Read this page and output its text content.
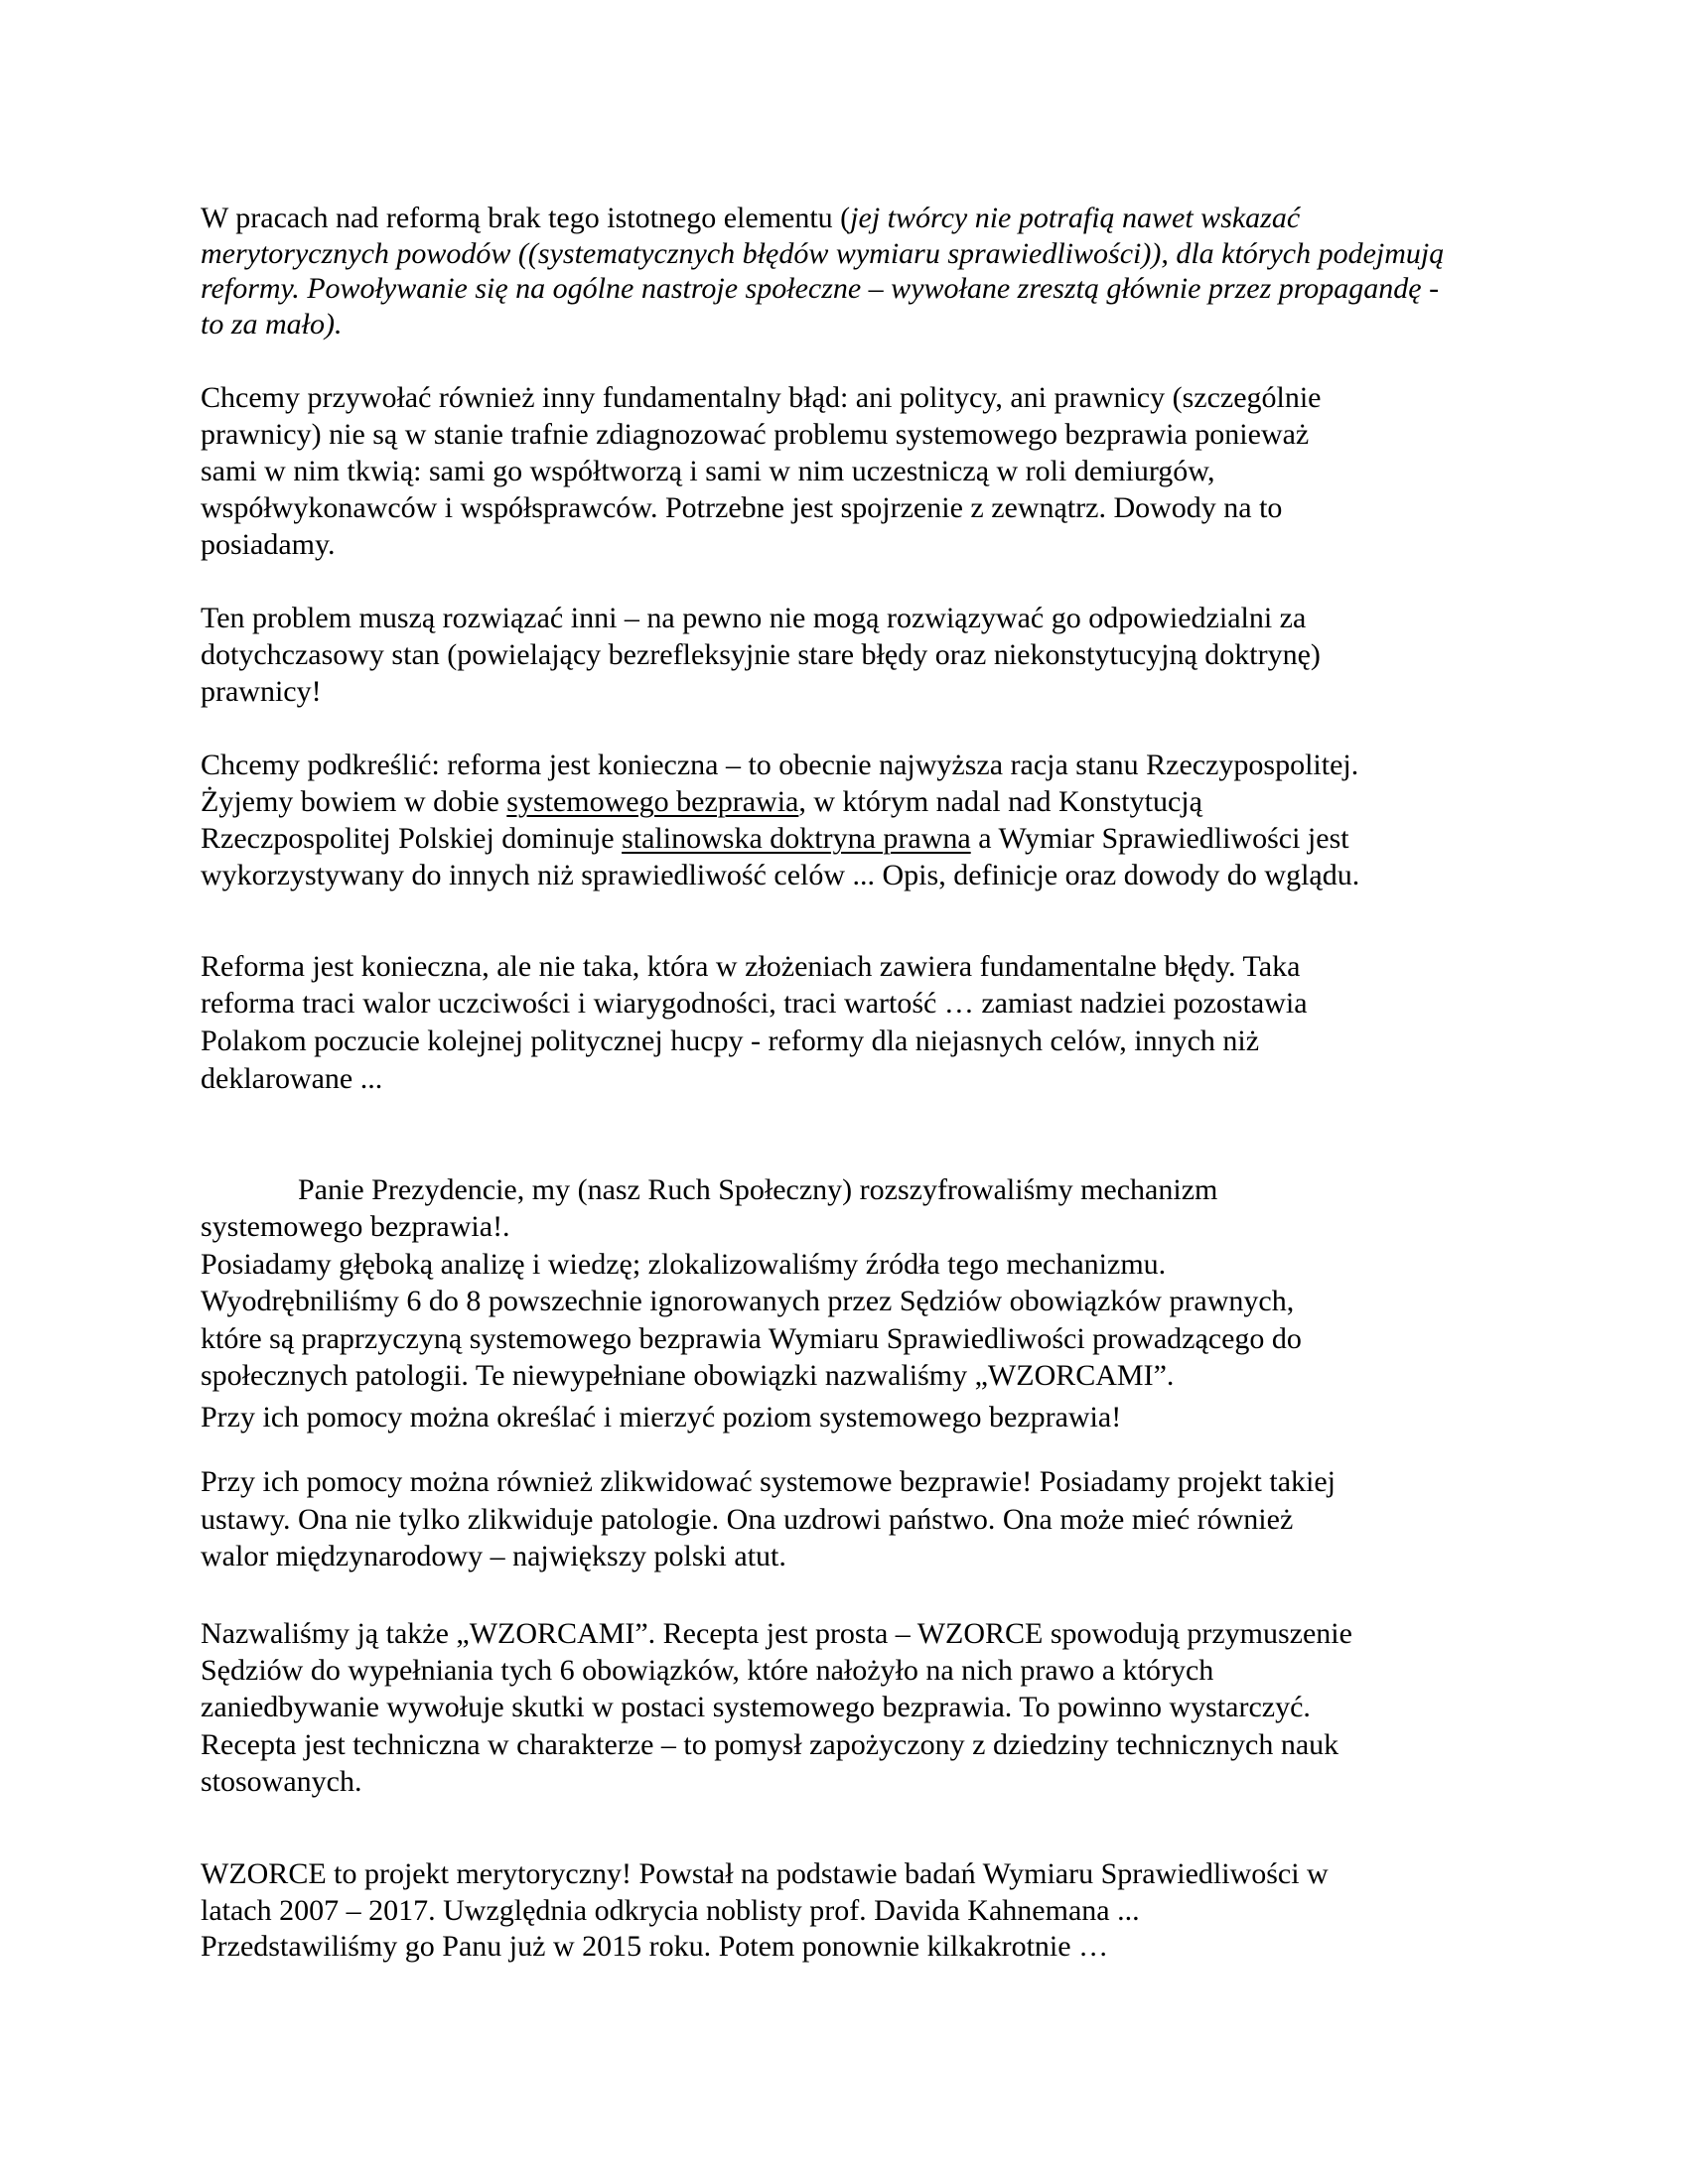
W pracach nad reformą brak tego istotnego elementu (jej twórcy nie potrafią nawet wskazać
merytorycznych powodów ((systematycznych błędów wymiaru sprawiedliwości)), dla których podejmują
reformy. Powoływanie się na ogólne nastroje społeczne – wywołane zresztą głównie przez propagandę -
to za mało).
Chcemy przywołać również inny fundamentalny błąd: ani politycy, ani prawnicy (szczególnie
prawnicy) nie są w stanie trafnie zdiagnozować problemu systemowego bezprawia ponieważ
sami w nim tkwią: sami go współtworzą i sami w nim uczestniczą w roli demiurgów,
współwykonawców i współsprawców. Potrzebne jest spojrzenie z zewnątrz. Dowody na to
posiadamy.
Ten problem muszą rozwiązać inni – na pewno nie mogą rozwiązywać go odpowiedzialni za
dotychczasowy stan (powielający bezrefleksyjnie stare błędy oraz niekonstytucyjną doktrynę)
prawnicy!
Chcemy podkreślić: reforma jest konieczna – to obecnie najwyższa racja stanu Rzeczypospolitej.
Żyjemy bowiem w dobie systemowego bezprawia, w którym nadal nad Konstytucją
Rzeczpospolitej Polskiej dominuje stalinowska doktryna prawna a Wymiar Sprawiedliwości jest
wykorzystywany do innych niż sprawiedliwość celów ... Opis, definicje oraz dowody do wglądu.
Reforma jest konieczna, ale nie taka, która w złożeniach zawiera fundamentalne błędy. Taka
reforma traci walor uczciwości i wiarygodności, traci wartość … zamiast nadziei pozostawia
Polakom poczucie kolejnej politycznej hucpy - reformy dla niejasnych celów, innych niż
deklarowane ...
Panie Prezydencie, my (nasz Ruch Społeczny) rozszyfrowaliśmy mechanizm
systemowego bezprawia!.
Posiadamy głęboką analizę i wiedzę; zlokalizowaliśmy źródła tego mechanizmu.
Wyodrębniliśmy 6 do 8 powszechnie ignorowanych przez Sędziów obowiązków prawnych,
które są praprzyczyną systemowego bezprawia Wymiaru Sprawiedliwości prowadzącego do
społecznych patologii. Te niewypełniane obowiązki nazwaliśmy „WZORCAMI”.
Przy ich pomocy można określać i mierzyć poziom systemowego bezprawia!
Przy ich pomocy można również zlikwidować systemowe bezprawie! Posiadamy projekt takiej
ustawy. Ona nie tylko zlikwiduje patologie. Ona uzdrowi państwo. Ona może mieć również
walor międzynarodowy – największy polski atut.
Nazwaliśmy ją także „WZORCAMI”. Recepta jest prosta – WZORCE spowodują przymuszenie
Sędziów do wypełniania tych 6 obowiązków, które nałożyło na nich prawo a których
zaniedbywanie wywołuje skutki w postaci systemowego bezprawia. To powinno wystarczyć.
Recepta jest techniczna w charakterze – to pomysł zapożyczony z dziedziny technicznych nauk
stosowanych.
WZORCE to projekt merytoryczny! Powstał na podstawie badań Wymiaru Sprawiedliwości w
latach 2007 – 2017. Uwzględnia odkrycia noblisty prof. Davida Kahnemana ...
Przedstawiliśmy go Panu już w 2015 roku. Potem ponownie kilkakrotnie …
